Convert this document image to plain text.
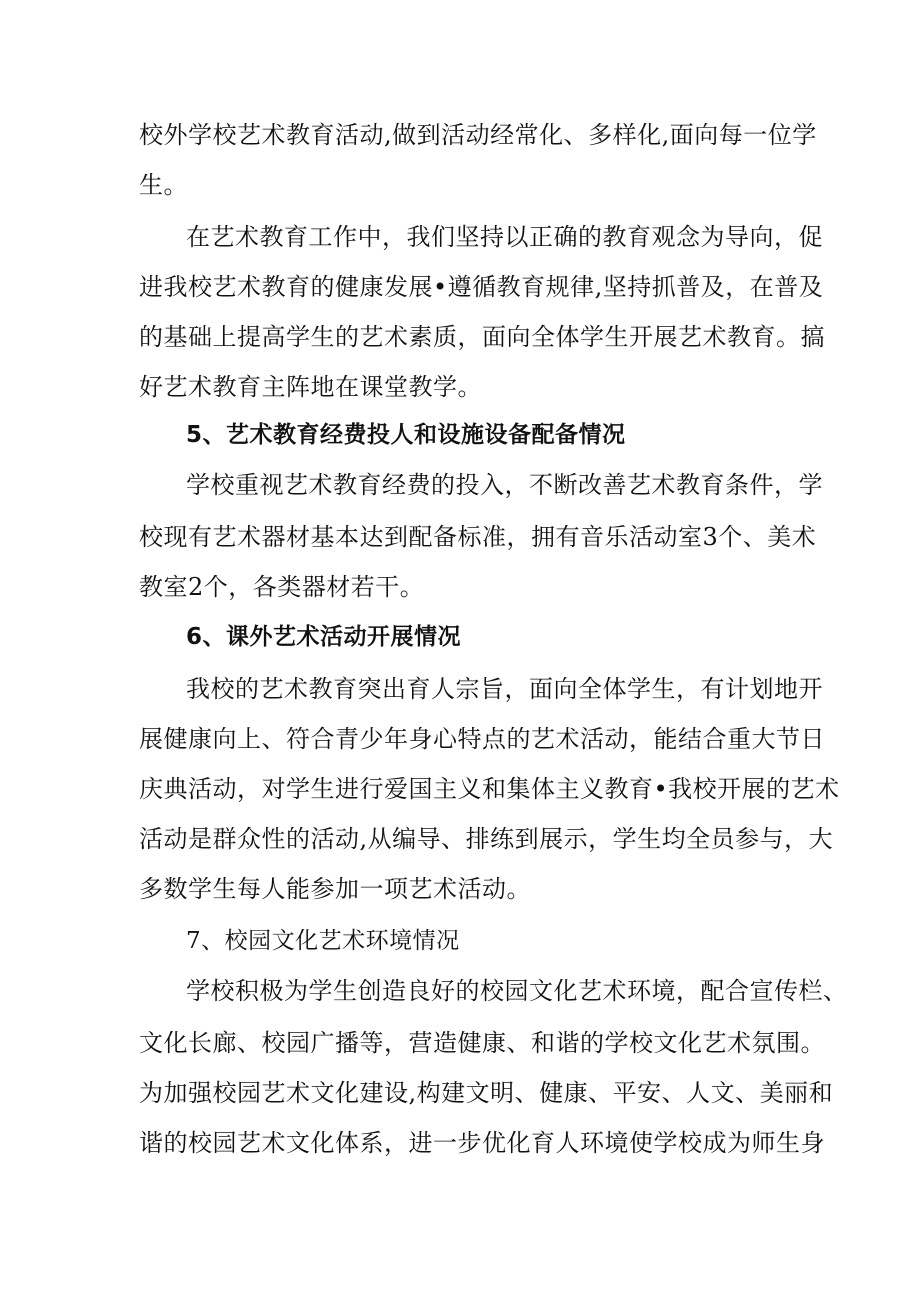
校外学校艺术教育活动,做到活动经常化、多样化,面向每一位学
生。
在艺术教育工作中，我们坚持以正确的教育观念为导向，促
进我校艺术教育的健康发展•遵循教育规律,坚持抓普及，在普及
的基础上提高学生的艺术素质，面向全体学生开展艺术教育。搞
好艺术教育主阵地在课堂教学。
5、艺术教育经费投人和设施设备配备情况
学校重视艺术教育经费的投入，不断改善艺术教育条件，学
校现有艺术器材基本达到配备标准，拥有音乐活动室3个、美术
教室2个，各类器材若干。
6、课外艺术活动开展情况
我校的艺术教育突出育人宗旨，面向全体学生，有计划地开
展健康向上、符合青少年身心特点的艺术活动，能结合重大节日
庆典活动，对学生进行爱国主义和集体主义教育•我校开展的艺术
活动是群众性的活动,从编导、排练到展示，学生均全员参与，大
多数学生每人能参加一项艺术活动。
7、校园文化艺术环境情况
学校积极为学生创造良好的校园文化艺术环境，配合宣传栏、
文化长廊、校园广播等，营造健康、和谐的学校文化艺术氛围。
为加强校园艺术文化建设,构建文明、健康、平安、人文、美丽和
谐的校园艺术文化体系，进一步优化育人环境使学校成为师生身
